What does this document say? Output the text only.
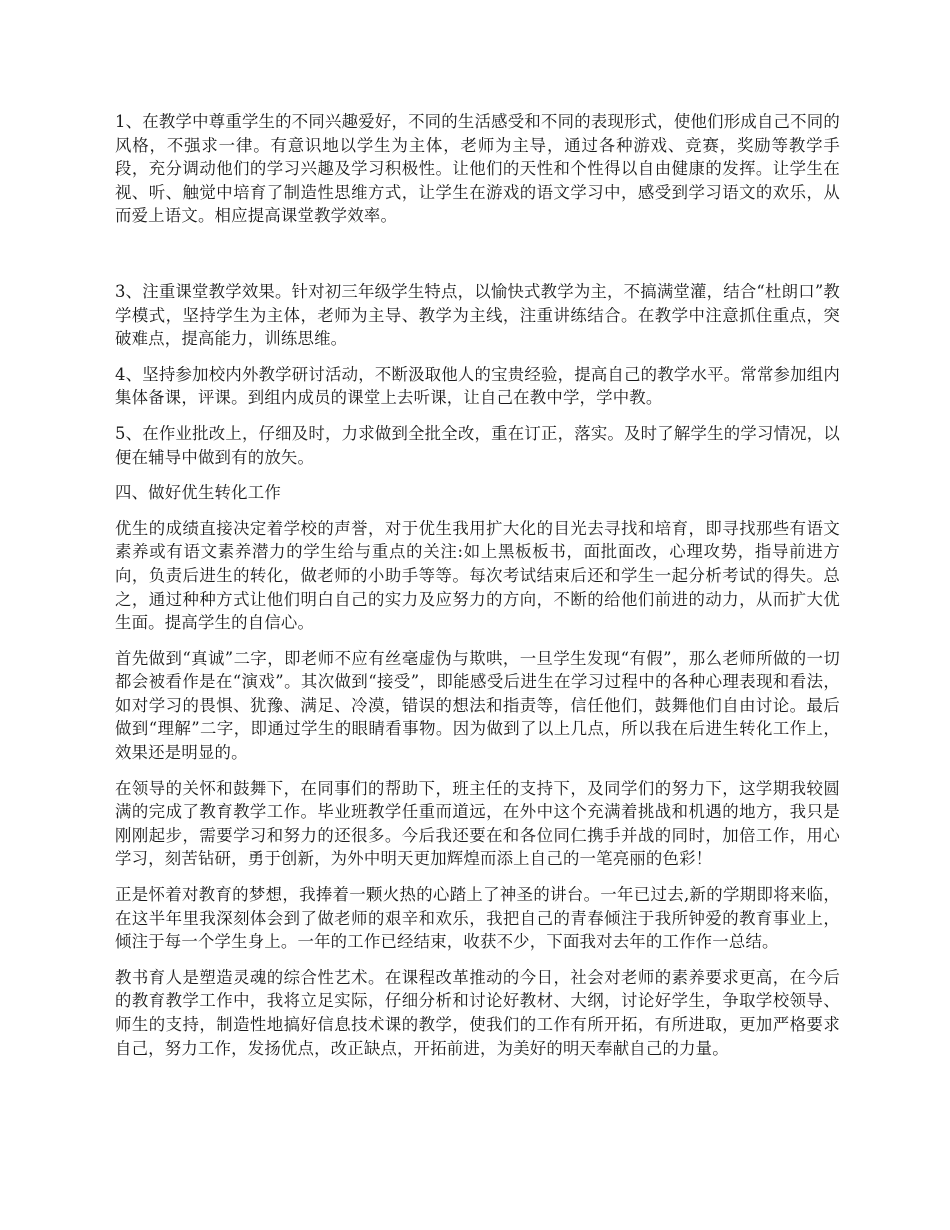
1、在教学中尊重学生的不同兴趣爱好，不同的生活感受和不同的表现形式，使他们形成自己不同的风格，不强求一律。有意识地以学生为主体，老师为主导，通过各种游戏、竞赛，奖励等教学手段，充分调动他们的学习兴趣及学习积极性。让他们的天性和个性得以自由健康的发挥。让学生在视、听、触觉中培育了制造性思维方式，让学生在游戏的语文学习中，感受到学习语文的欢乐，从而爱上语文。相应提高课堂教学效率。

3、注重课堂教学效果。针对初三年级学生特点，以愉快式教学为主，不搞满堂灌，结合“杜朗口”教学模式，坚持学生为主体，老师为主导、教学为主线，注重讲练结合。在教学中注意抓住重点，突破难点，提高能力，训练思维。

4、坚持参加校内外教学研讨活动，不断汲取他人的宝贵经验，提高自己的教学水平。常常参加组内集体备课，评课。到组内成员的课堂上去听课，让自己在教中学，学中教。

5、在作业批改上，仔细及时，力求做到全批全改，重在订正，落实。及时了解学生的学习情况，以便在辅导中做到有的放矢。

四、做好优生转化工作

优生的成绩直接决定着学校的声誉，对于优生我用扩大化的目光去寻找和培育，即寻找那些有语文素养或有语文素养潜力的学生给与重点的关注:如上黑板板书，面批面改，心理攻势，指导前进方向，负责后进生的转化，做老师的小助手等等。每次考试结束后还和学生一起分析考试的得失。总之，通过种种方式让他们明白自己的实力及应努力的方向，不断的给他们前进的动力，从而扩大优生面。提高学生的自信心。

首先做到“真诚”二字，即老师不应有丝毫虚伪与欺哄，一旦学生发现“有假”，那么老师所做的一切都会被看作是在“演戏”。其次做到“接受”，即能感受后进生在学习过程中的各种心理表现和看法，如对学习的畏惧、犹豫、满足、冷漠，错误的想法和指责等，信任他们，鼓舞他们自由讨论。最后做到“理解”二字，即通过学生的眼睛看事物。因为做到了以上几点，所以我在后进生转化工作上，效果还是明显的。

在领导的关怀和鼓舞下，在同事们的帮助下，班主任的支持下，及同学们的努力下，这学期我较圆满的完成了教育教学工作。毕业班教学任重而道远，在外中这个充满着挑战和机遇的地方，我只是刚刚起步，需要学习和努力的还很多。今后我还要在和各位同仁携手并战的同时，加倍工作，用心学习，刻苦钻研，勇于创新，为外中明天更加辉煌而添上自己的一笔亮丽的色彩！

正是怀着对教育的梦想，我捧着一颗火热的心踏上了神圣的讲台。一年已过去,新的学期即将来临，在这半年里我深刻体会到了做老师的艰辛和欢乐，我把自己的青春倾注于我所钟爱的教育事业上，倾注于每一个学生身上。一年的工作已经结束，收获不少，下面我对去年的工作作一总结。

教书育人是塑造灵魂的综合性艺术。在课程改革推动的今日，社会对老师的素养要求更高，在今后的教育教学工作中，我将立足实际，仔细分析和讨论好教材、大纲，讨论好学生，争取学校领导、师生的支持，制造性地搞好信息技术课的教学，使我们的工作有所开拓，有所进取，更加严格要求自己，努力工作，发扬优点，改正缺点，开拓前进，为美好的明天奉献自己的力量。
